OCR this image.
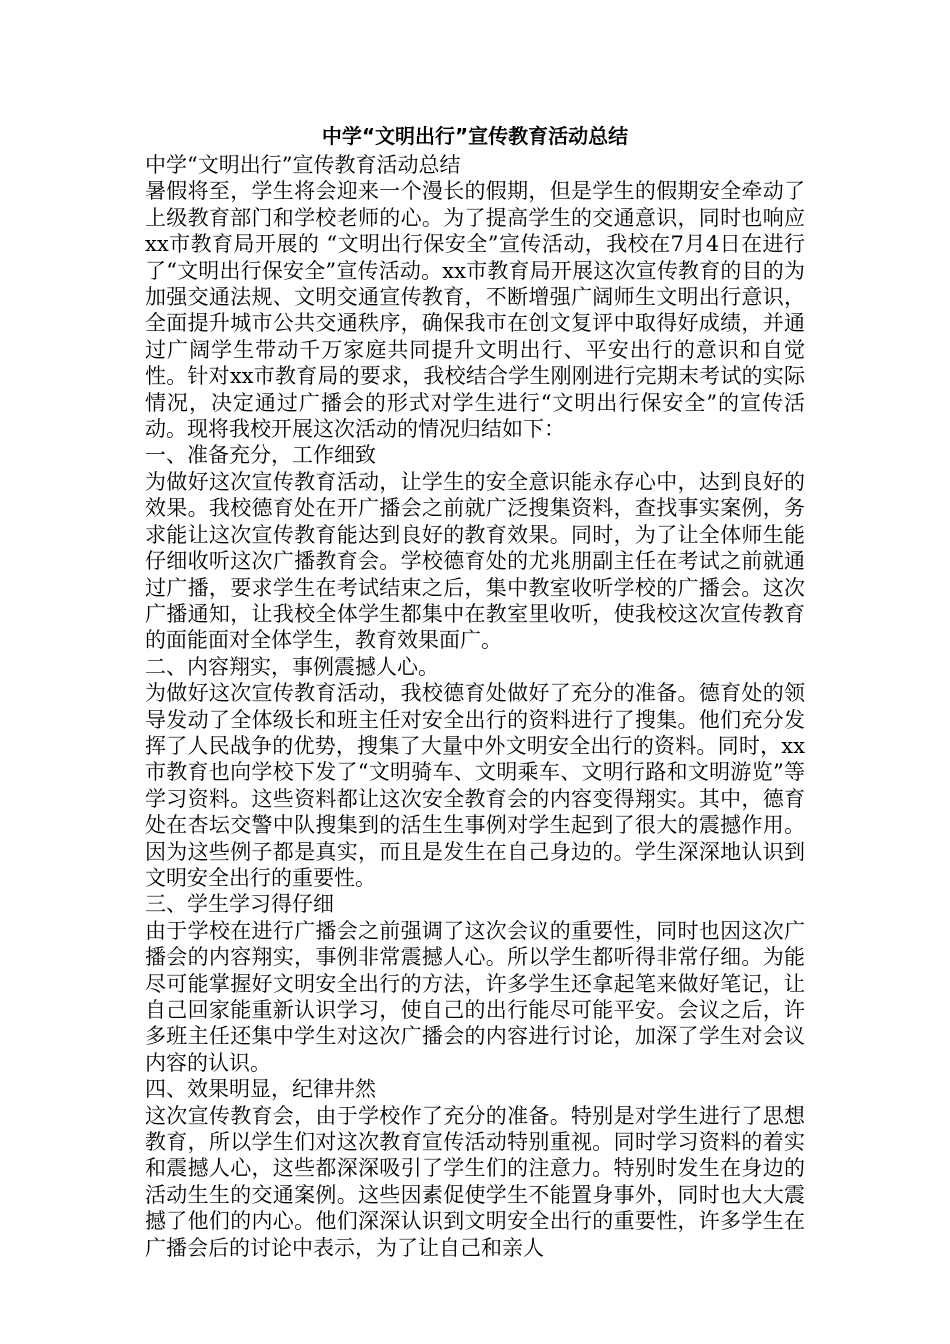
中学“文明出行”宣传教育活动总结

中学“文明出行”宣传教育活动总结

暑假将至，学生将会迎来一个漫长的假期，但是学生的假期安全牵动了上级教育部门和学校老师的心。为了提高学生的交通意识，同时也响应xx市教育局开展的 “文明出行保安全”宣传活动，我校在7月4日在进行了“文明出行保安全”宣传活动。xx市教育局开展这次宣传教育的目的为加强交通法规、文明交通宣传教育，不断增强广阔师生文明出行意识，全面提升城市公共交通秩序，确保我市在创文复评中取得好成绩，并通过广阔学生带动千万家庭共同提升文明出行、平安出行的意识和自觉性。针对xx市教育局的要求，我校结合学生刚刚进行完期末考试的实际情况，决定通过广播会的形式对学生进行“文明出行保安全”的宣传活动。现将我校开展这次活动的情况归结如下：

一、准备充分，工作细致

为做好这次宣传教育活动，让学生的安全意识能永存心中，达到良好的效果。我校德育处在开广播会之前就广泛搜集资料，查找事实案例，务求能让这次宣传教育能达到良好的教育效果。同时，为了让全体师生能仔细收听这次广播教育会。学校德育处的尤兆朋副主任在考试之前就通过广播，要求学生在考试结束之后，集中教室收听学校的广播会。这次广播通知，让我校全体学生都集中在教室里收听，使我校这次宣传教育的面能面对全体学生，教育效果面广。

二、内容翔实，事例震撼人心。

为做好这次宣传教育活动，我校德育处做好了充分的准备。德育处的领导发动了全体级长和班主任对安全出行的资料进行了搜集。他们充分发挥了人民战争的优势，搜集了大量中外文明安全出行的资料。同时，xx市教育也向学校下发了“文明骑车、文明乘车、文明行路和文明游览”等学习资料。这些资料都让这次安全教育会的内容变得翔实。其中，德育处在杏坛交警中队搜集到的活生生事例对学生起到了很大的震撼作用。因为这些例子都是真实，而且是发生在自己身边的。学生深深地认识到文明安全出行的重要性。

三、学生学习得仔细

由于学校在进行广播会之前强调了这次会议的重要性，同时也因这次广播会的内容翔实，事例非常震撼人心。所以学生都听得非常仔细。为能尽可能掌握好文明安全出行的方法，许多学生还拿起笔来做好笔记，让自己回家能重新认识学习，使自己的出行能尽可能平安。会议之后，许多班主任还集中学生对这次广播会的内容进行讨论，加深了学生对会议内容的认识。

四、效果明显，纪律井然

这次宣传教育会，由于学校作了充分的准备。特别是对学生进行了思想教育，所以学生们对这次教育宣传活动特别重视。同时学习资料的着实和震撼人心，这些都深深吸引了学生们的注意力。特别时发生在身边的活动生生的交通案例。这些因素促使学生不能置身事外，同时也大大震撼了他们的内心。他们深深认识到文明安全出行的重要性，许多学生在广播会后的讨论中表示，为了让自己和亲人
